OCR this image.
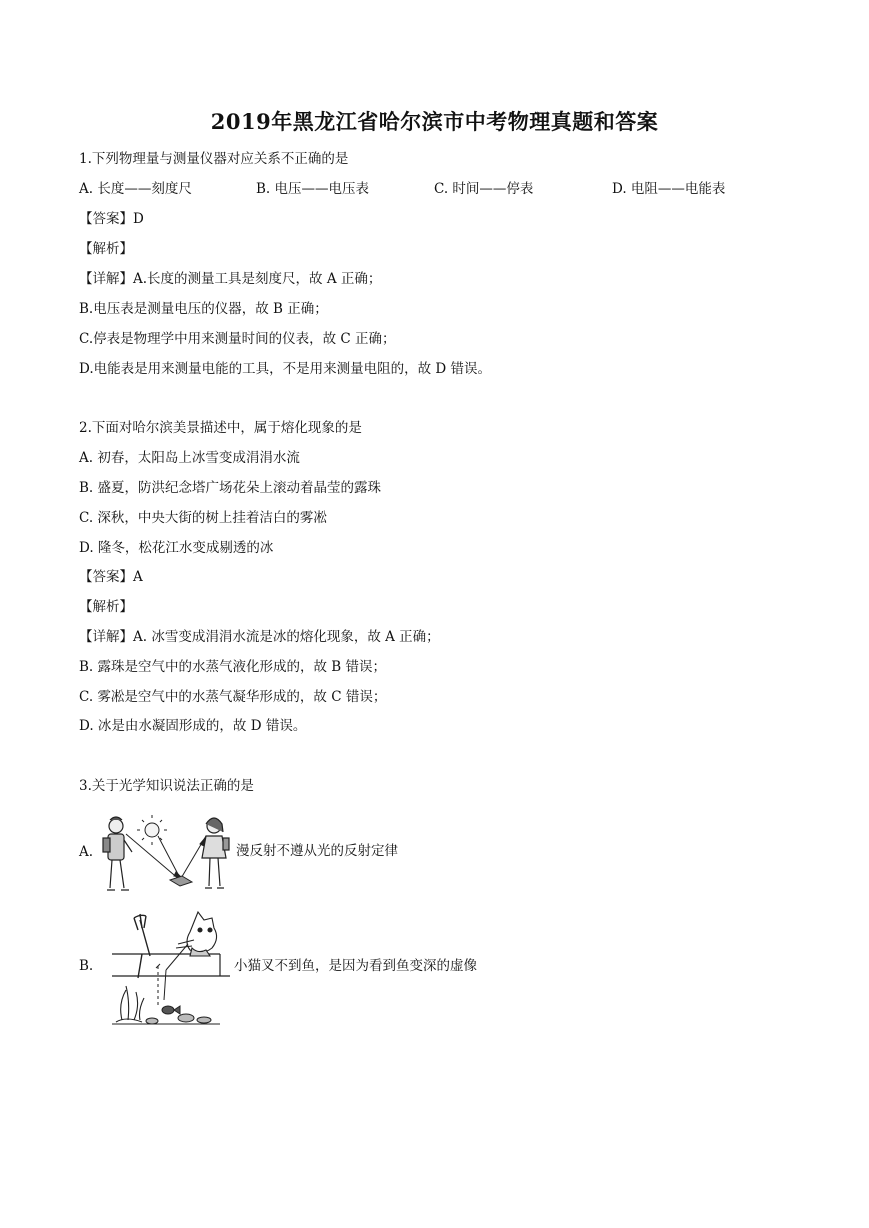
2019年黑龙江省哈尔滨市中考物理真题和答案
1.下列物理量与测量仪器对应关系不正确的是
A. 长度——刻度尺	B. 电压——电压表	C. 时间——停表	D. 电阻——电能表
【答案】D
【解析】
【详解】A.长度的测量工具是刻度尺，故 A 正确；
B.电压表是测量电压的仪器，故 B 正确；
C.停表是物理学中用来测量时间的仪表，故 C 正确；
D.电能表是用来测量电能的工具，不是用来测量电阻的，故 D 错误。
2.下面对哈尔滨美景描述中，属于熔化现象的是
A. 初春，太阳岛上冰雪变成涓涓水流
B. 盛夏，防洪纪念塔广场花朵上滚动着晶莹的露珠
C. 深秋，中央大街的树上挂着洁白的雾凇
D. 隆冬，松花江水变成剔透的冰
【答案】A
【解析】
【详解】A. 冰雪变成涓涓水流是冰的熔化现象，故 A 正确；
B. 露珠是空气中的水蒸气液化形成的，故 B 错误；
C. 雾凇是空气中的水蒸气凝华形成的，故 C 错误；
D. 冰是由水凝固形成的，故 D 错误。
3.关于光学知识说法正确的是
A.	漫反射不遵从光的反射定律
B.	小猫叉不到鱼，是因为看到鱼变深的虚像
